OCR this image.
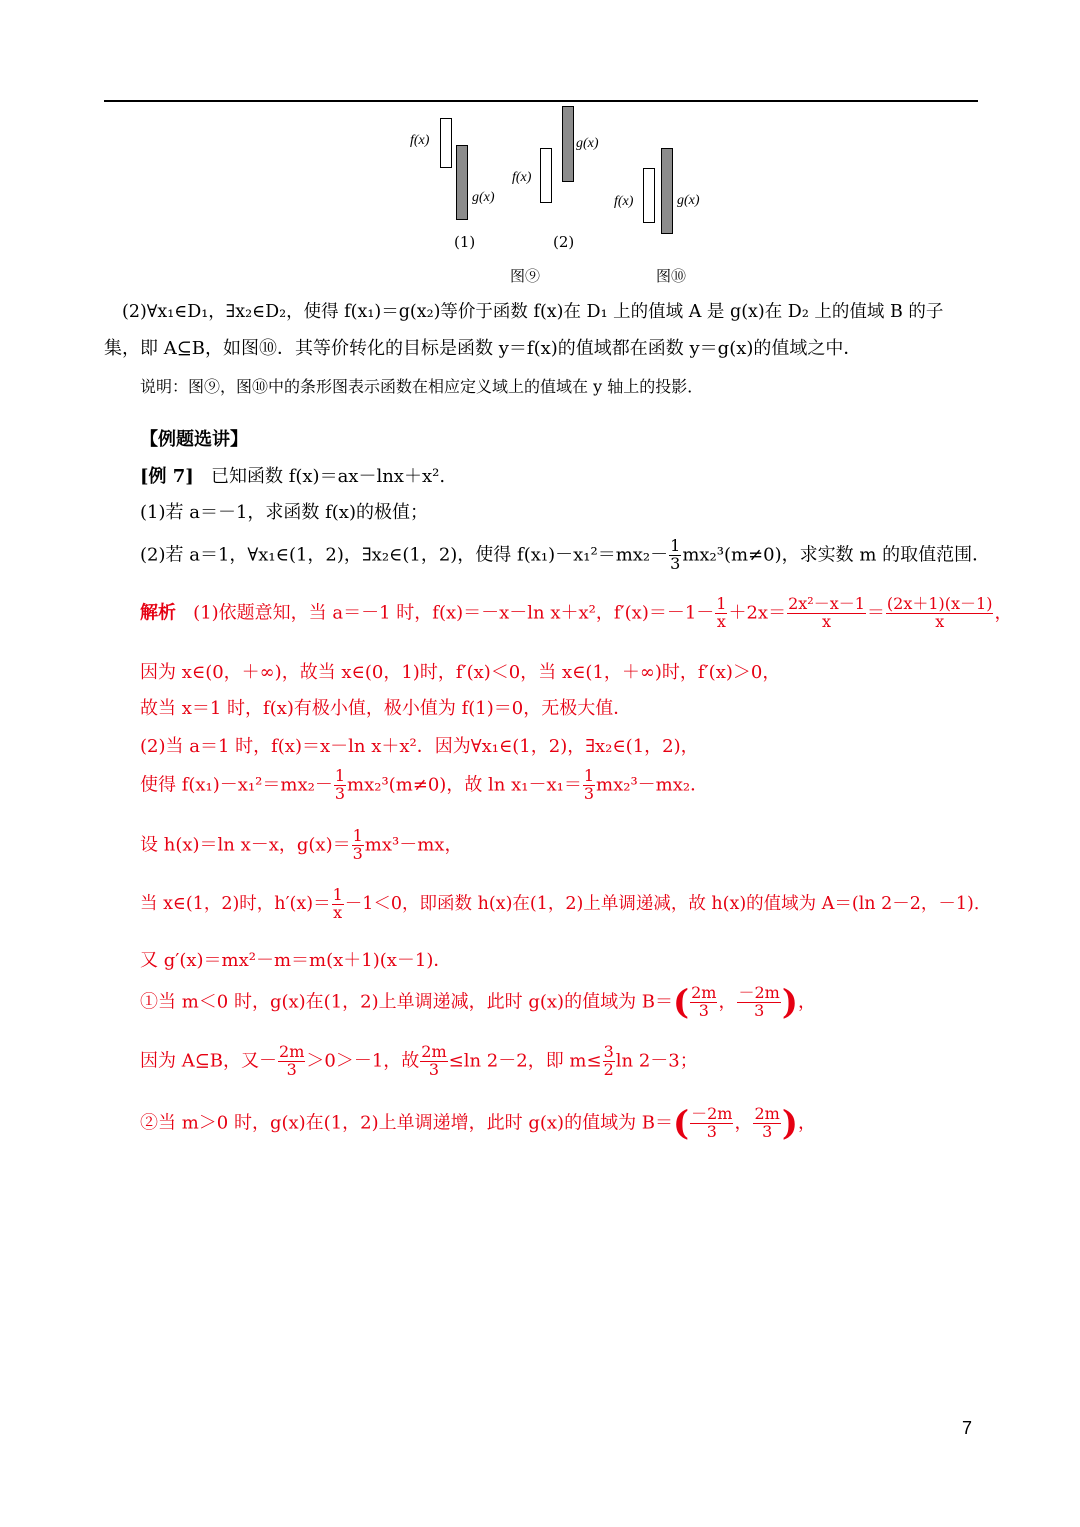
f(x)
g(x)
(1)
f(x)
g(x)
(2)
f(x)	g(x)
图⑨	图⑩
(2)∀x₁∈D₁，∃x₂∈D₂，使得 f(x₁)＝g(x₂)等价于函数 f(x)在 D₁ 上的值域 A 是 g(x)在 D₂ 上的值域 B 的子
集，即 A⊆B，如图⑩．其等价转化的目标是函数 y＝f(x)的值域都在函数 y＝g(x)的值域之中．
说明：图⑨，图⑩中的条形图表示函数在相应定义域上的值域在 y 轴上的投影．
【例题选讲】
[例 7] 已知函数 f(x)＝ax－lnx＋x².
(1)若 a＝－1，求函数 f(x)的极值；
(2)若 a＝1，∀x₁∈(1，2)，∃x₂∈(1，2)，使得 $f(x_1)-x_1^2=mx_2- \frac{1}{3} mx_2^3(m\ne 0)$，求实数 m 的取值范围．
解析 (1)依题意知，当 a＝－1 时，f(x)＝－x－ln x＋x²，$f'(x)=-1- \frac{1}{x} +2x= \frac{\text{2x²－x－1}}{x} = \frac{(2x+1)(x-1)}{x}$ ，
因为 x∈(0，＋∞)，故当 x∈(0，1)时，f′(x)＜0，当 x∈(1，＋∞)时，f′(x)＞0，
故当 x＝1 时，f(x)有极小值，极小值为 f(1)＝0，无极大值．
(2)当 a＝1 时，f(x)＝x－ln x＋x²．因为∀x₁∈(1，2)，∃x₂∈(1，2)，
使得 $f(x_1)-x_1^2=mx_2- \frac{1}{3} mx_2^3(m\ne 0)$，故 $\ln x_1-x_1= \frac{1}{3} mx_2^3-mx_2$．
设 h(x)＝ln x－x，$g(x)= \frac{1}{3} mx^3-mx$，
当 x∈(1，2)时，$h'(x)= \frac{1}{x} -1<0$，即函数 h(x)在(1，2)上单调递减，故 h(x)的值域为 A＝(ln 2－2，－1)．
又 g′(x)＝mx²－m＝m(x＋1)(x－1)．
①当 m＜0 时，g(x)在(1，2)上单调递减，此时 g(x)的值域为 $B=( \frac{2m}{3}$ ， $\frac{-2m}{3}$ )，
因为 A⊆B，又－ $\frac{2m}{3} >0>-1$，故 $\frac{2m}{3} \le\ln$ 2－2，即 $m\le \frac{3}{2}$ ln 2－3；
②当 m＞0 时，g(x)在(1，2)上单调递增，此时 g(x)的值域为 $B=( \frac{-2m}{3}$ ， $\frac{2m}{3}$ )，
7
